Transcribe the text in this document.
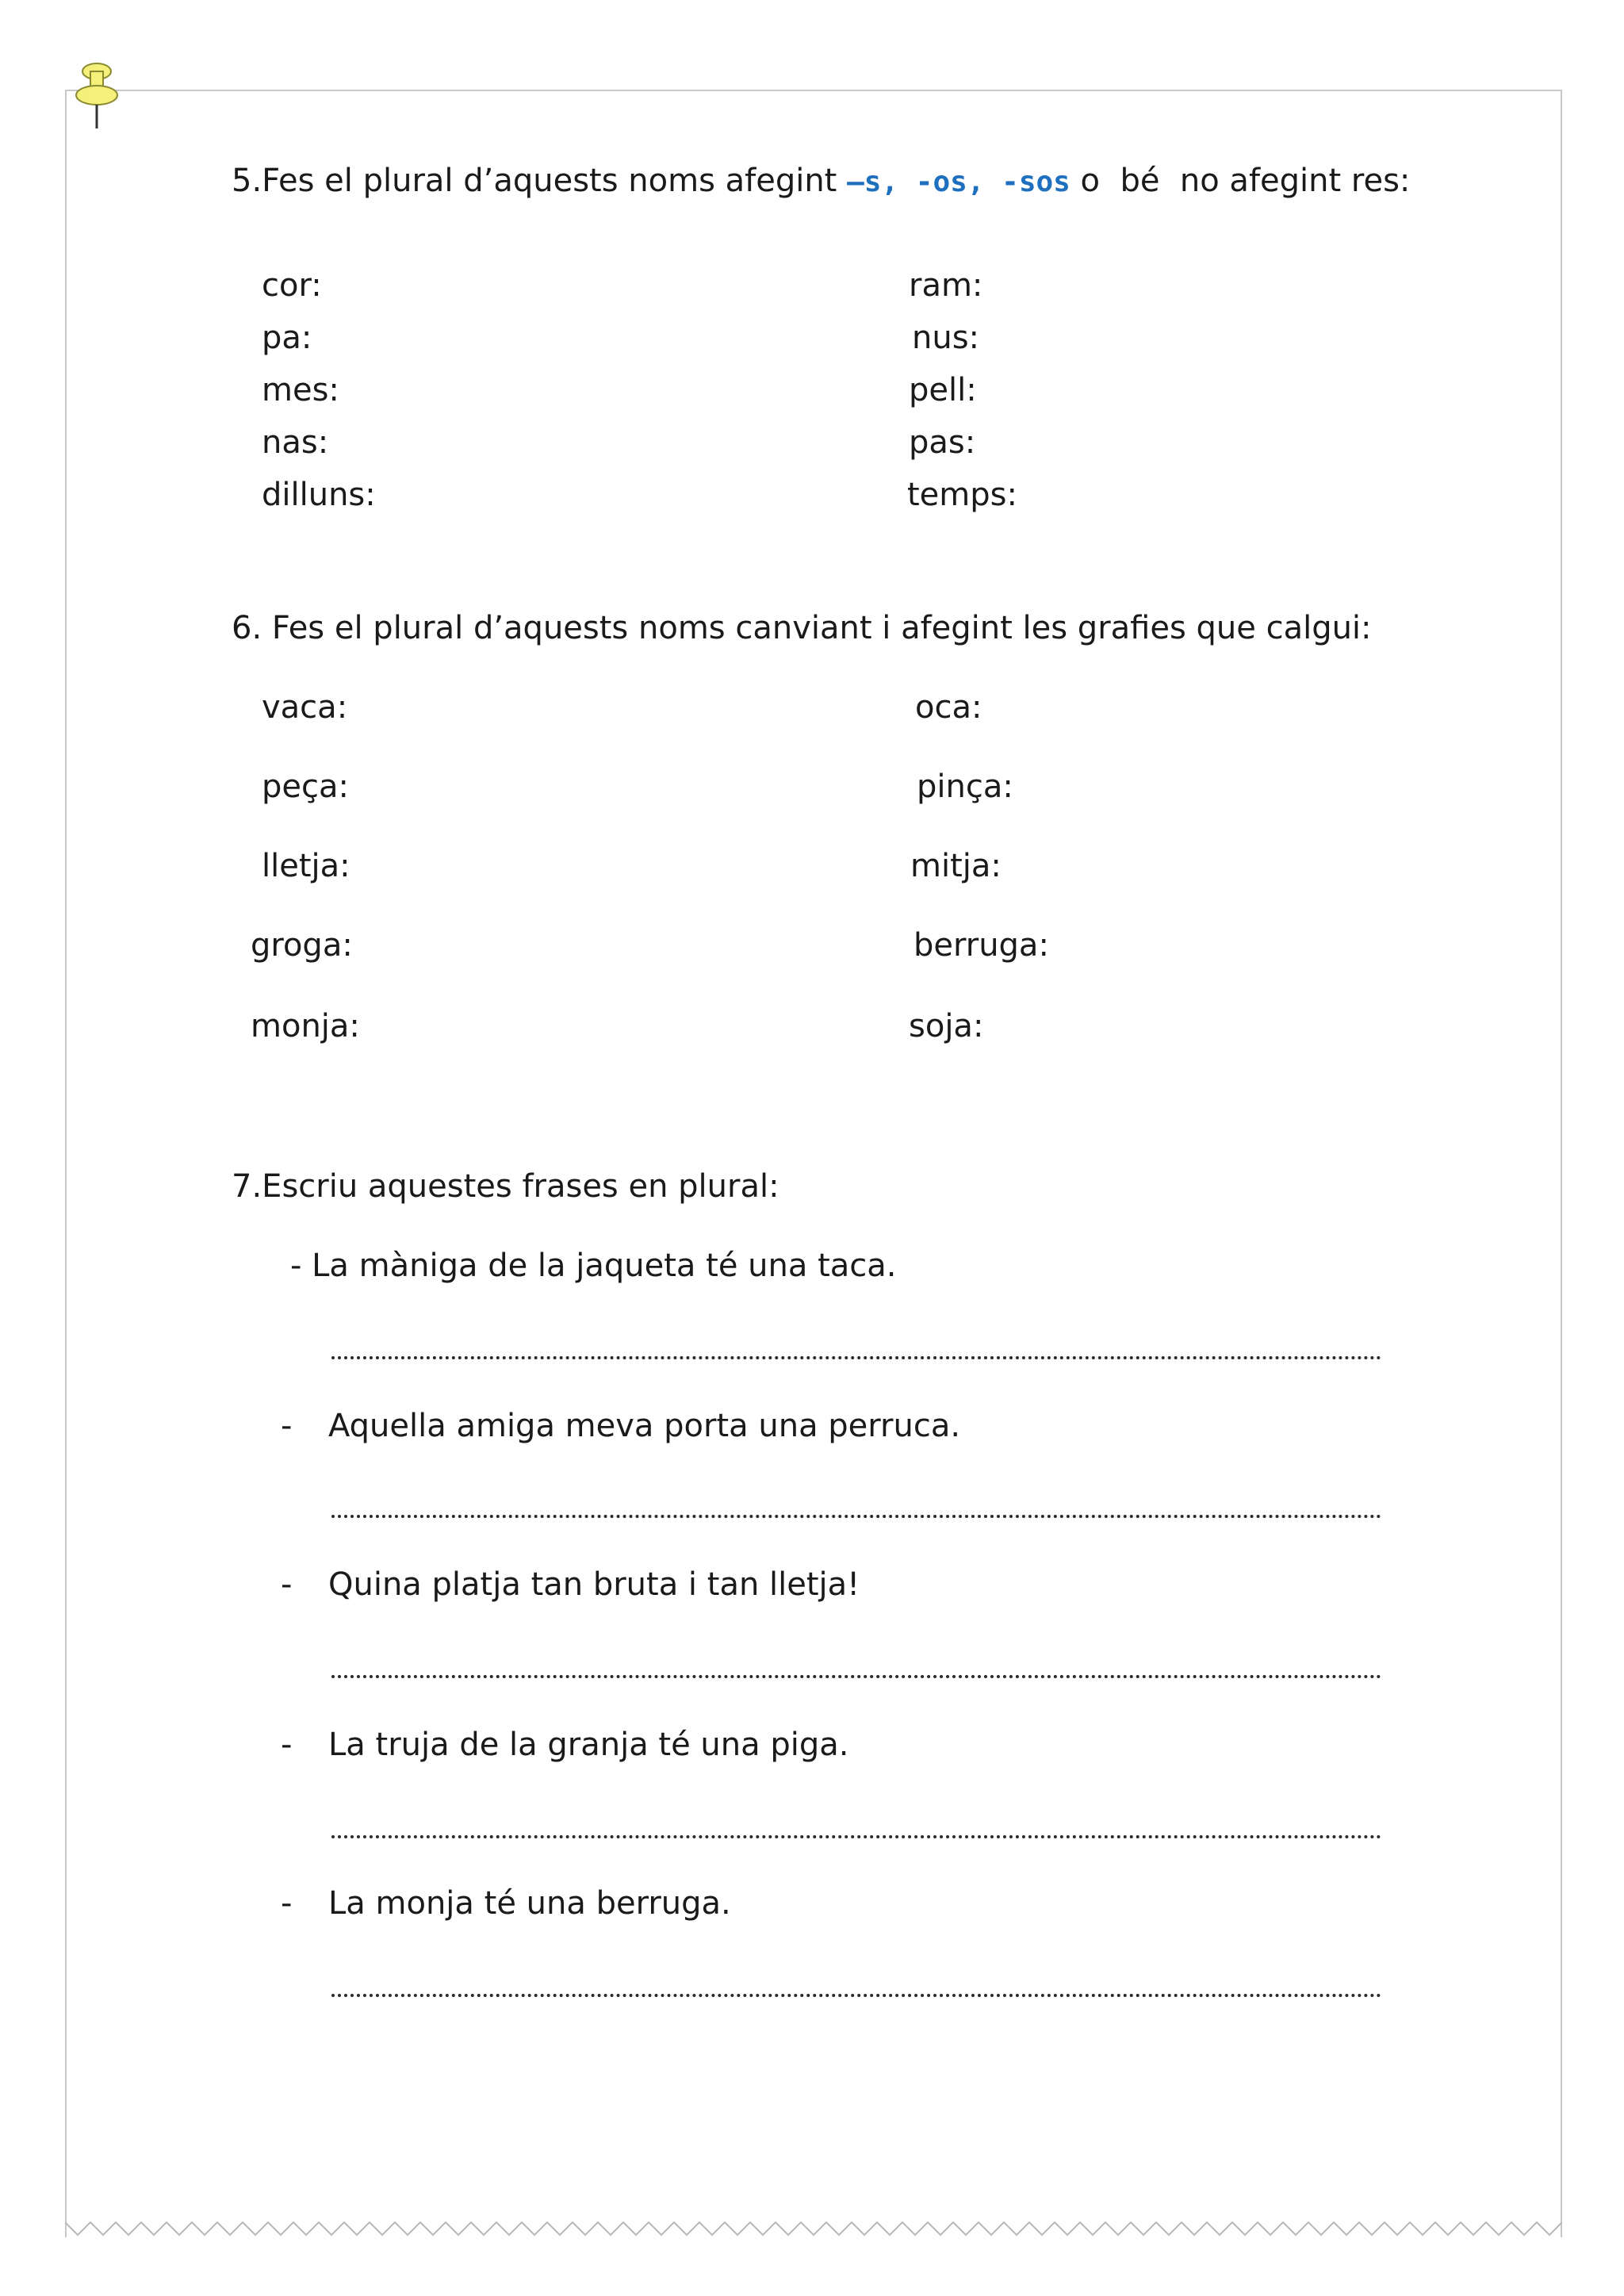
5.Fes el plural d’aquests noms afegint –s, -os, -sos o  bé  no afegint res:
cor:
pa:
mes:
nas:
dilluns:
ram:
nus:
pell:
pas:
temps:
6. Fes el plural d’aquests noms canviant i afegint les grafies que calgui:
vaca:
peça:
lletja:
groga:
monja:
oca:
pinça:
mitja:
berruga:
soja:
7.Escriu aquestes frases en plural:
- La màniga de la jaqueta té una taca.
- Aquella amiga meva porta una perruca.
- Quina platja tan bruta i tan lletja!
- La truja de la granja té una piga.
- La monja té una berruga.
